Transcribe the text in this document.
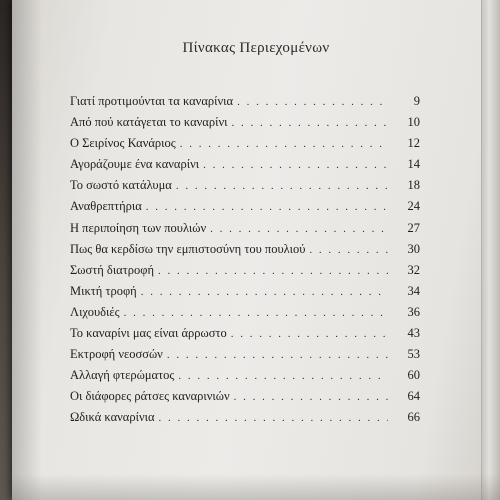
Πίνακας Περιεχομένων
Γιατί προτιμούνται τα καναρίνια . . .	9
Από πού κατάγεται το καναρίνι . . .	10
Ο Σειρίνος Κανάριος . . .	12
Αγοράζουμε ένα καναρίνι . . .	14
Το σωστό κατάλυμα . . .	18
Αναθρεπτήρια . . .	24
Η περιποίηση των πουλιών . . .	27
Πως θα κερδίσω την εμπιστοσύνη του πουλιού . . .	30
Σωστή διατροφή . . .	32
Μικτή τροφή . . .	34
Λιχουδιές . . .	36
Το καναρίνι μας είναι άρρωστο . . .	43
Εκτροφή νεοσσών . . .	53
Αλλαγή φτερώματος . . .	60
Οι διάφορες ράτσες καναρινιών . . .	64
Ωδικά καναρίνια . . .	66
